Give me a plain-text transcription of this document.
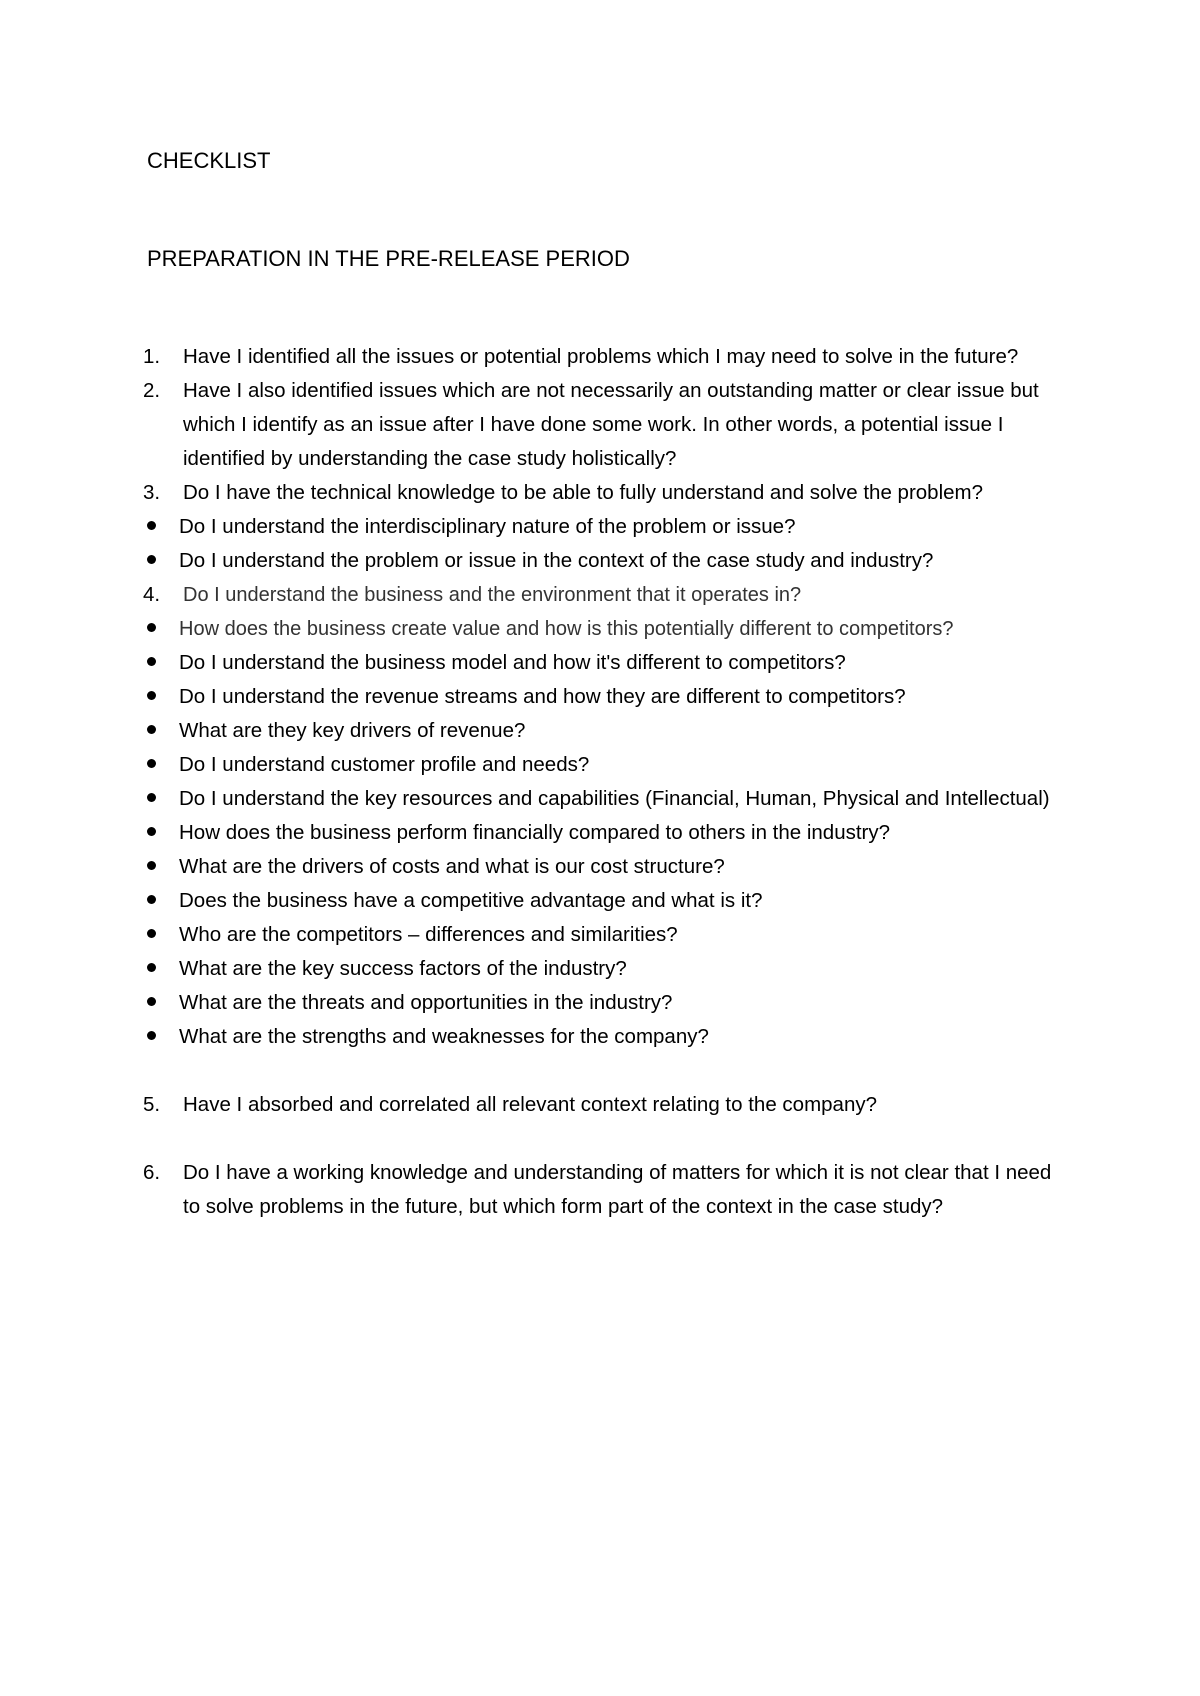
CHECKLIST
PREPARATION IN THE PRE-RELEASE PERIOD
1.	Have I identified all the issues or potential problems which I may need to solve in the future?
2.	Have I also identified issues which are not necessarily an outstanding matter or clear issue but which I identify as an issue after I have done some work. In other words, a potential issue I identified by understanding the case study holistically?
3.	Do I have the technical knowledge to be able to fully understand and solve the problem?
Do I understand the interdisciplinary nature of the problem or issue?
Do I understand the problem or issue in the context of the case study and industry?
4.	Do I understand the business and the environment that it operates in?
How does the business create value and how is this potentially different to competitors?
Do I understand the business model and how it's different to competitors?
Do I understand the revenue streams and how they are different to competitors?
What are they key drivers of revenue?
Do I understand customer profile and needs?
Do I understand the key resources and capabilities (Financial, Human, Physical and Intellectual)
How does the business perform financially compared to others in the industry?
What are the drivers of costs and what is our cost structure?
Does the business have a competitive advantage and what is it?
Who are the competitors – differences and similarities?
What are the key success factors of the industry?
What are the threats and opportunities in the industry?
What are the strengths and weaknesses for the company?
5.	Have I absorbed and correlated all relevant context relating to the company?
6.	Do I have a working knowledge and understanding of matters for which it is not clear that I need to solve problems in the future, but which form part of the context in the case study?
